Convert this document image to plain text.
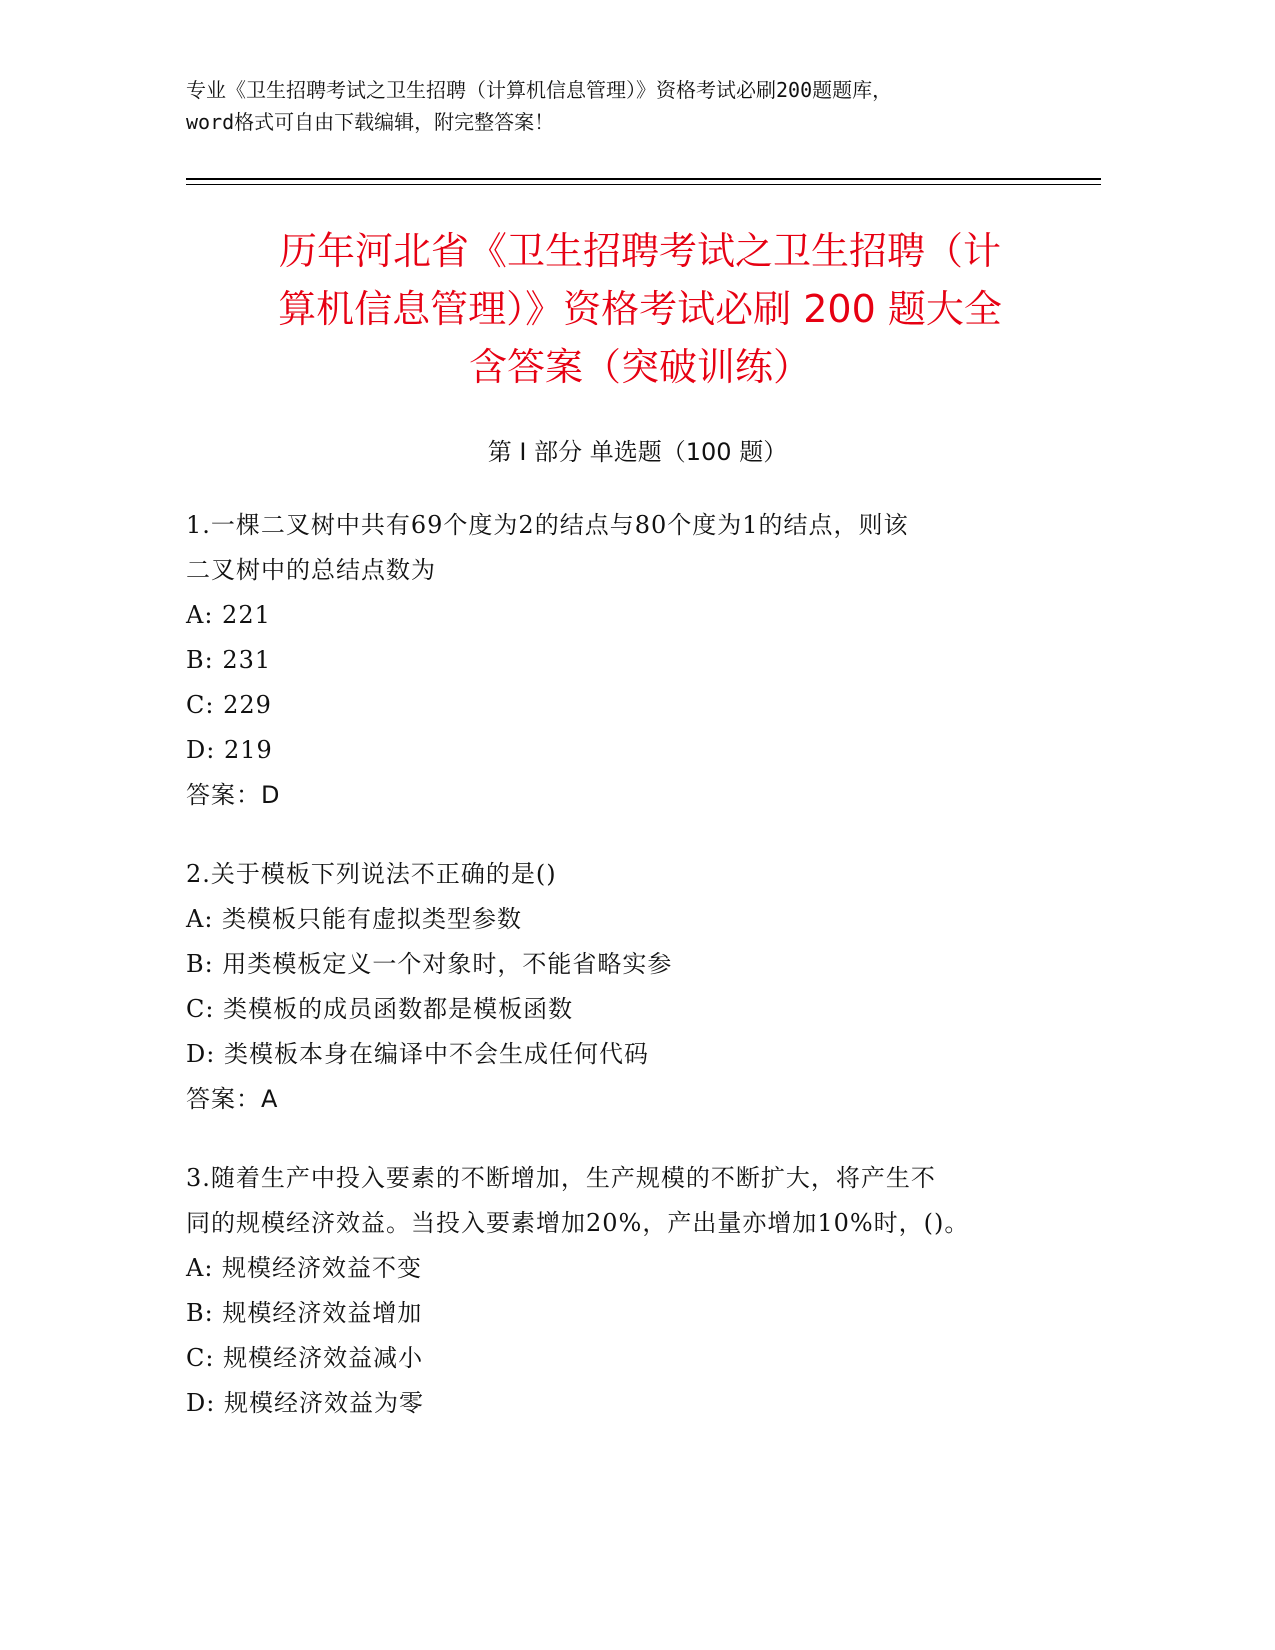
专业《卫生招聘考试之卫生招聘（计算机信息管理）》资格考试必刷200题题库，
word格式可自由下载编辑，附完整答案！
历年河北省《卫生招聘考试之卫生招聘（计
算机信息管理）》资格考试必刷 200 题大全
含答案（突破训练）
第 I 部分 单选题（100 题）
1.一棵二叉树中共有69个度为2的结点与80个度为1的结点，则该
二叉树中的总结点数为
A: 221
B: 231
C: 229
D: 219
答案：D
2.关于模板下列说法不正确的是()
A: 类模板只能有虚拟类型参数
B: 用类模板定义一个对象时，不能省略实参
C: 类模板的成员函数都是模板函数
D: 类模板本身在编译中不会生成任何代码
答案：A
3.随着生产中投入要素的不断增加，生产规模的不断扩大，将产生不
同的规模经济效益。当投入要素增加20%，产出量亦增加10%时，()。
A: 规模经济效益不变
B: 规模经济效益增加
C: 规模经济效益减小
D: 规模经济效益为零
